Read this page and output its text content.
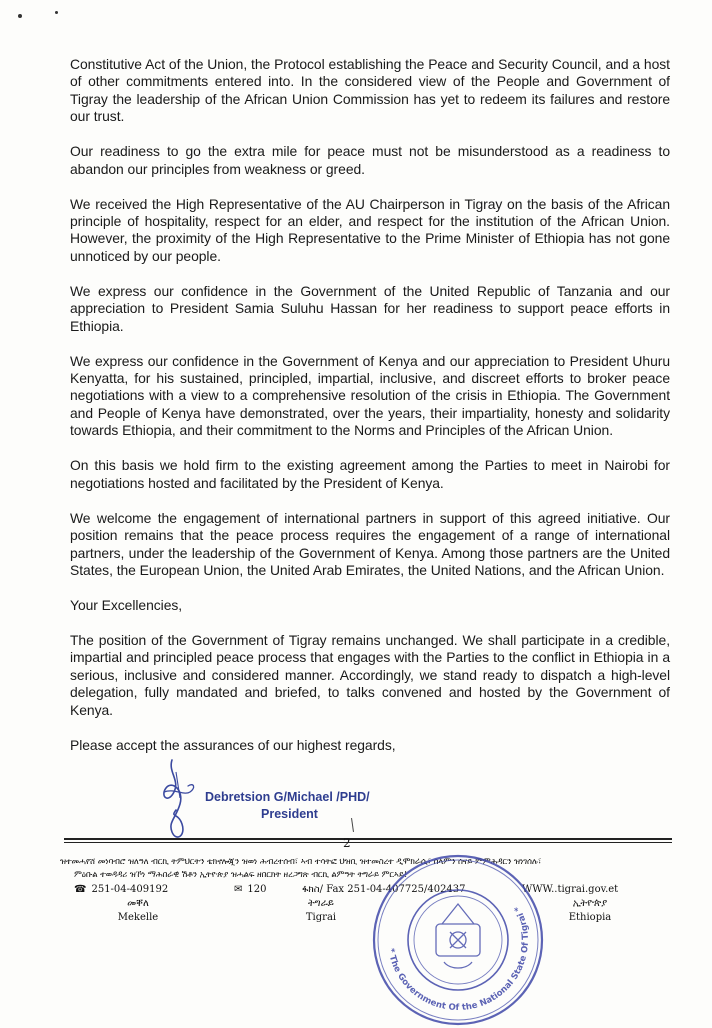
Constitutive Act of the Union, the Protocol establishing the Peace and Security Council, and a host of other commitments entered into. In the considered view of the People and Government of Tigray the leadership of the African Union Commission has yet to redeem its failures and restore our trust.

Our readiness to go the extra mile for peace must not be misunderstood as a readiness to abandon our principles from weakness or greed.

We received the High Representative of the AU Chairperson in Tigray on the basis of the African principle of hospitality, respect for an elder, and respect for the institution of the African Union. However, the proximity of the High Representative to the Prime Minister of Ethiopia has not gone unnoticed by our people.

We express our confidence in the Government of the United Republic of Tanzania and our appreciation to President Samia Suluhu Hassan for her readiness to support peace efforts in Ethiopia.

We express our confidence in the Government of Kenya and our appreciation to President Uhuru Kenyatta, for his sustained, principled, impartial, inclusive, and discreet efforts to broker peace negotiations with a view to a comprehensive resolution of the crisis in Ethiopia. The Government and People of Kenya have demonstrated, over the years, their impartiality, honesty and solidarity towards Ethiopia, and their commitment to the Norms and Principles of the African Union.

On this basis we hold firm to the existing agreement among the Parties to meet in Nairobi for negotiations hosted and facilitated by the President of Kenya.

We welcome the engagement of international partners in support of this agreed initiative. Our position remains that the peace process requires the engagement of a range of international partners, under the leadership of the Government of Kenya. Among those partners are the United States, the European Union, the United Arab Emirates, the United Nations, and the African Union.

Your Excellencies,

The position of the Government of Tigray remains unchanged. We shall participate in a credible, impartial and principled peace process that engages with the Parties to the conflict in Ethiopia in a serious, inclusive and considered manner. Accordingly, we stand ready to dispatch a high-level delegation, fully mandated and briefed, to talks convened and hosted by the Government of Kenya.

Please accept the assurances of our highest regards,

Debretsion G/Michael /PHD/
President
2
ዝተመሓየሸ መነባብሮ ዝለዓለ ብርኪ ትምህርትን ቴክኖሎጂን ዝወነ ሕብረተሰብ፣ ኣብ ተሳትፎ ህዝቢ ዝተመስረተ ዲሞክራሲ፣ ሰላምን ሰናይ ምምሕዳርን ዝነገሰሉ፣
ምዕቡል ተወዳዳሪ ዝኾነ ማሕበራዊ ሽቶን ኢትዮጵያ ዝሓልፍ ዘበርክት ዘረጋግጽ ብርኪ ልምዓት ትግራይ ምርኣይ!
☎ 251-04-409192	✉ 120	ፋክስ/ Fax 251-04-407725/402437	WWW..tigrai.gov.et
መቐለ
Mekelle
ትግራይ
Tigrai
ኢትዮጵያ
Ethiopia
* The Government Of the National State Of Tigrai *
